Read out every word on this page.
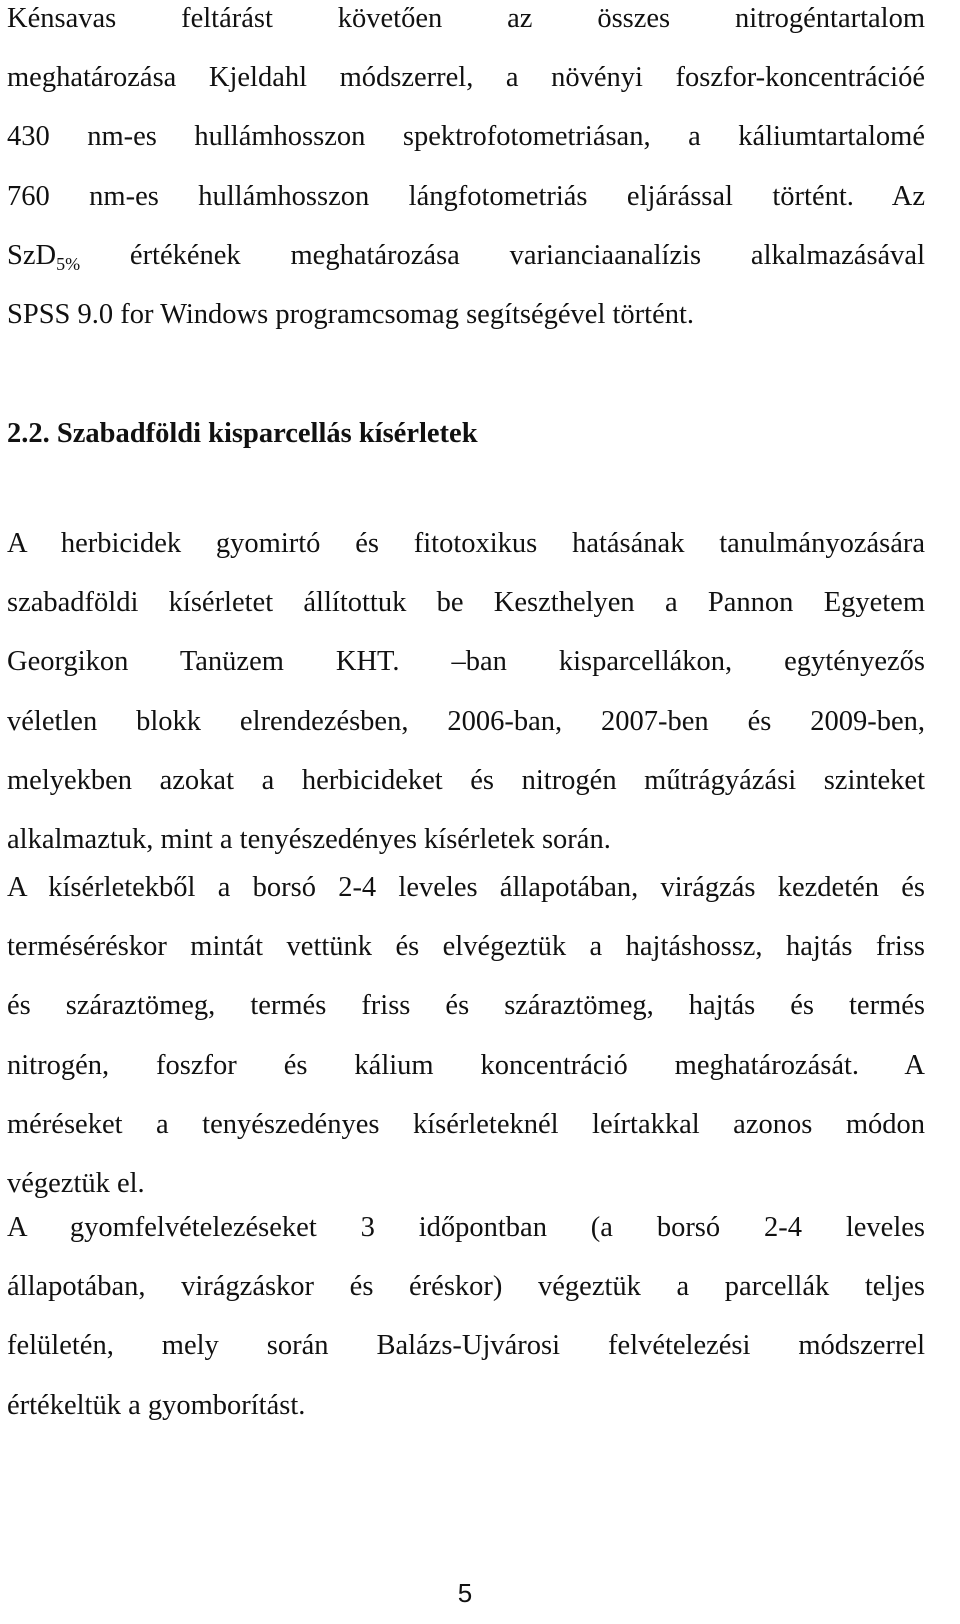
Kénsavas feltárást követően az összes nitrogéntartalom
meghatározása Kjeldahl módszerrel, a növényi foszfor-koncentrációé
430 nm-es hullámhosszon spektrofotometriásan, a káliumtartalomé
760 nm-es hullámhosszon lángfotometriás eljárással történt. Az
SzD$_{5\%}$ értékének meghatározása varianciaanalízis alkalmazásával
SPSS 9.0 for Windows programcsomag segítségével történt.
2.2. Szabadföldi kisparcellás kísérletek
A herbicidek gyomirtó és fitotoxikus hatásának tanulmányozására
szabadföldi kísérletet állítottuk be Keszthelyen a Pannon Egyetem
Georgikon Tanüzem KHT. –ban kisparcellákon, egytényezős
véletlen blokk elrendezésben, 2006-ban, 2007-ben és 2009-ben,
melyekben azokat a herbicideket és nitrogén műtrágyázási szinteket
alkalmaztuk, mint a tenyészedényes kísérletek során.
A kísérletekből a borsó 2-4 leveles állapotában, virágzás kezdetén és
terméséréskor mintát vettünk és elvégeztük a hajtáshossz, hajtás friss
és száraztömeg, termés friss és száraztömeg, hajtás és termés
nitrogén, foszfor és kálium koncentráció meghatározását. A
méréseket a tenyészedényes kísérleteknél leírtakkal azonos módon
végeztük el.
A gyomfelvételezéseket 3 időpontban (a borsó 2-4 leveles
állapotában, virágzáskor és éréskor) végeztük a parcellák teljes
felületén, mely során Balázs-Ujvárosi felvételezési módszerrel
értékeltük a gyomborítást.
5
